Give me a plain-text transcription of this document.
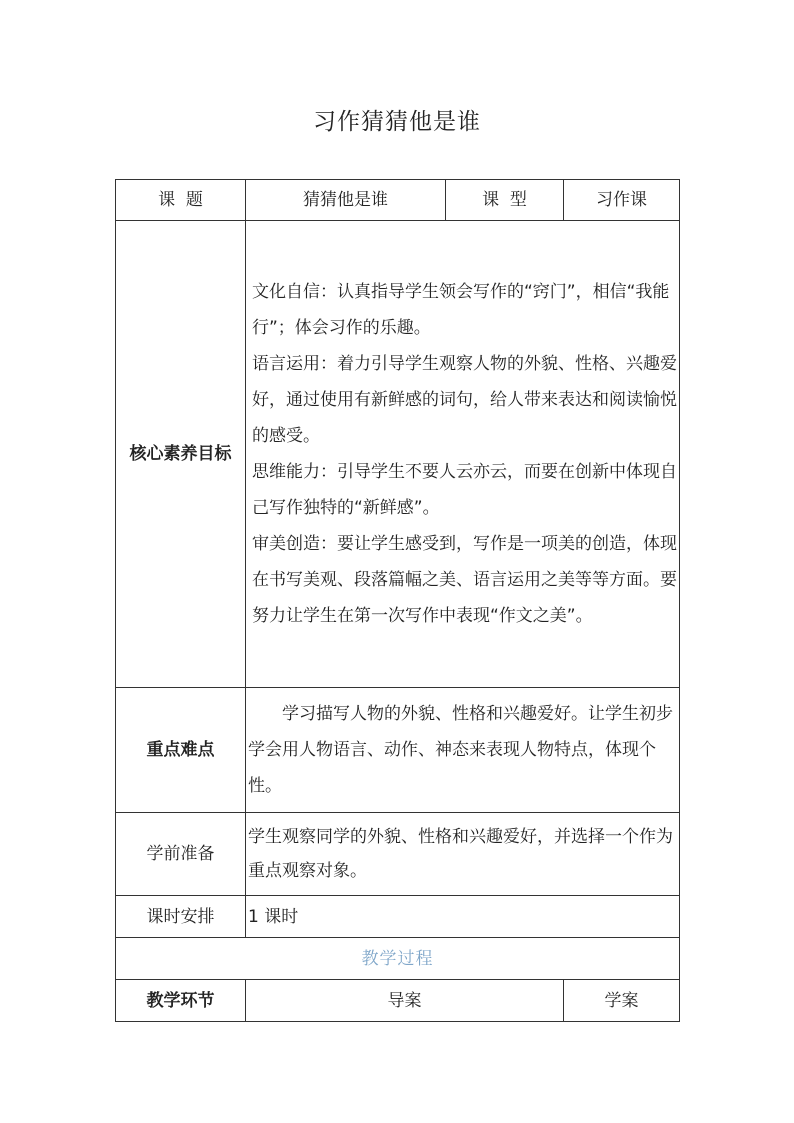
习作猜猜他是谁
课  题	猜猜他是谁	课  型	习作课
核心素养目标	文化自信：认真指导学生领会写作的“窍门”，相信“我能行”；体会习作的乐趣。

语言运用：着力引导学生观察人物的外貌、性格、兴趣爱好，通过使用有新鲜感的词句，给人带来表达和阅读愉悦的感受。

思维能力：引导学生不要人云亦云，而要在创新中体现自己写作独特的“新鲜感”。

审美创造：要让学生感受到，写作是一项美的创造，体现在书写美观、段落篇幅之美、语言运用之美等等方面。要努力让学生在第一次写作中表现“作文之美”。		

重点难点	学习描写人物的外貌、性格和兴趣爱好。让学生初步学会用人物语言、动作、神态来表现人物特点，体现个性。		
学前准备	学生观察同学的外貌、性格和兴趣爱好，并选择一个作为重点观察对象。		
课时安排	1 课时		
教学过程			
教学环节	导案		学案
